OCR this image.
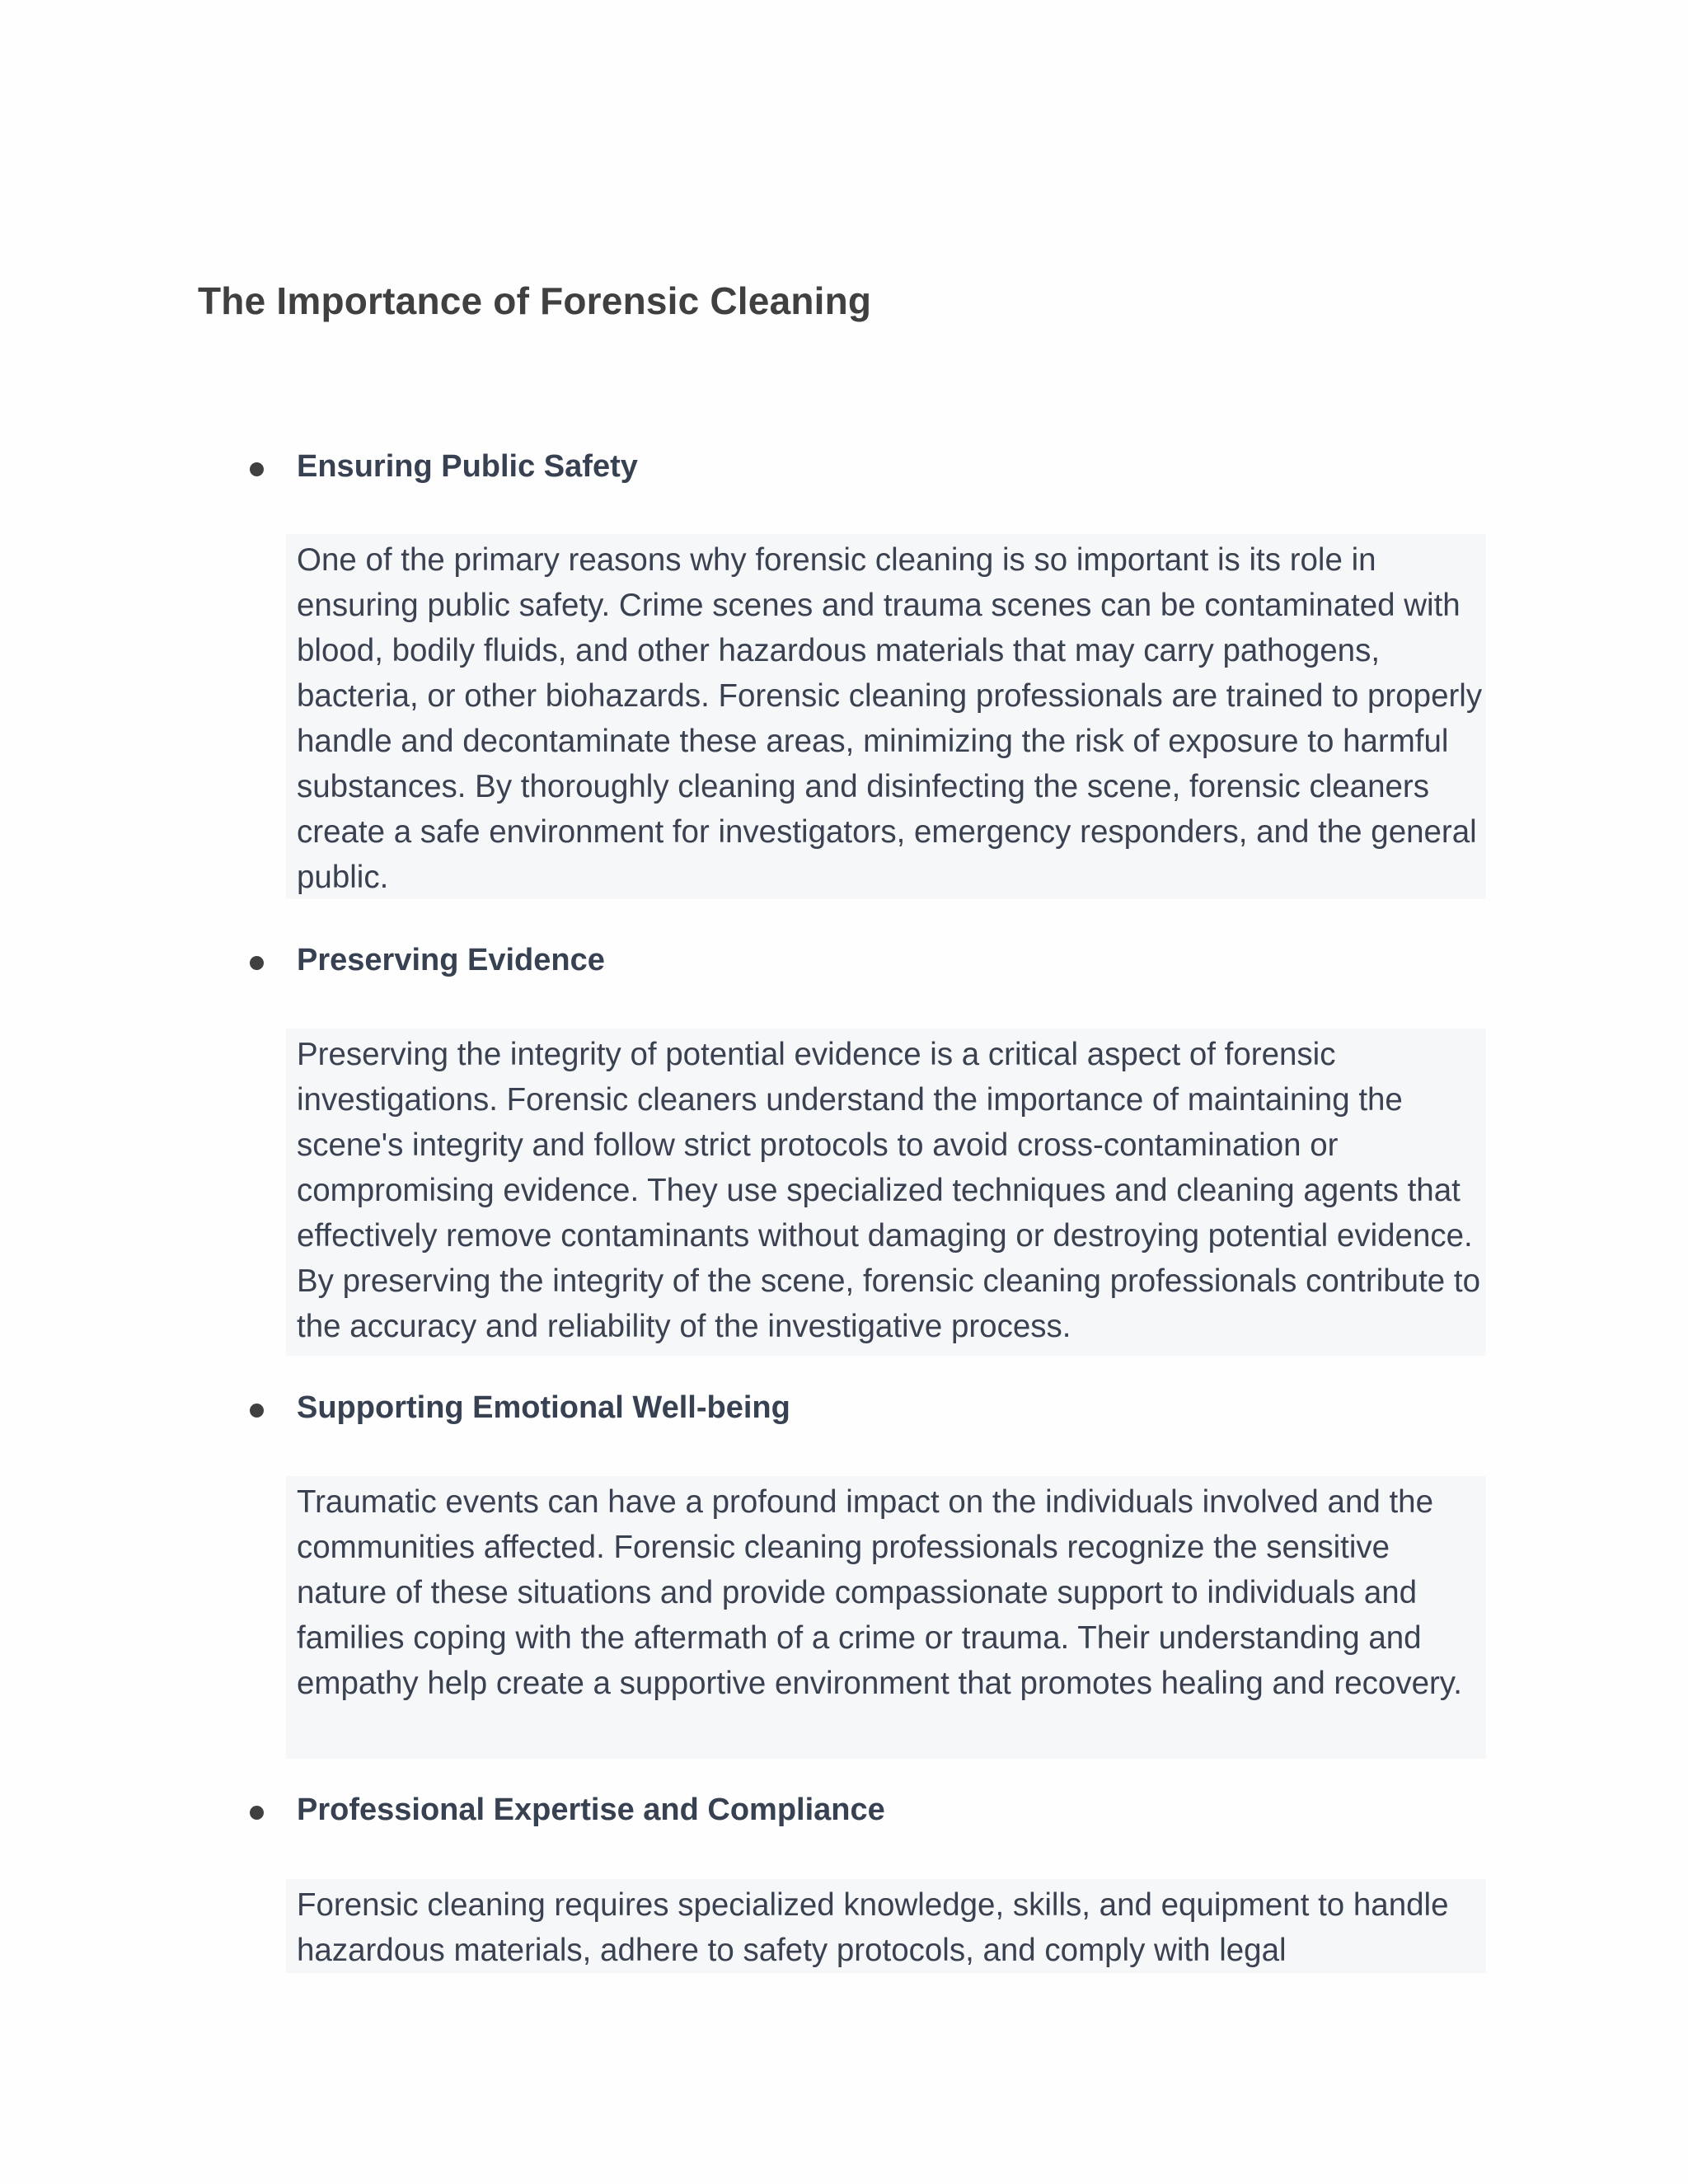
The Importance of Forensic Cleaning
Ensuring Public Safety

One of the primary reasons why forensic cleaning is so important is its role in ensuring public safety. Crime scenes and trauma scenes can be contaminated with blood, bodily fluids, and other hazardous materials that may carry pathogens, bacteria, or other biohazards. Forensic cleaning professionals are trained to properly handle and decontaminate these areas, minimizing the risk of exposure to harmful substances. By thoroughly cleaning and disinfecting the scene, forensic cleaners create a safe environment for investigators, emergency responders, and the general public.

Preserving Evidence

Preserving the integrity of potential evidence is a critical aspect of forensic investigations. Forensic cleaners understand the importance of maintaining the scene's integrity and follow strict protocols to avoid cross-contamination or compromising evidence. They use specialized techniques and cleaning agents that effectively remove contaminants without damaging or destroying potential evidence. By preserving the integrity of the scene, forensic cleaning professionals contribute to the accuracy and reliability of the investigative process.

Supporting Emotional Well-being

Traumatic events can have a profound impact on the individuals involved and the communities affected. Forensic cleaning professionals recognize the sensitive nature of these situations and provide compassionate support to individuals and families coping with the aftermath of a crime or trauma. Their understanding and empathy help create a supportive environment that promotes healing and recovery.

Professional Expertise and Compliance

Forensic cleaning requires specialized knowledge, skills, and equipment to handle hazardous materials, adhere to safety protocols, and comply with legal
